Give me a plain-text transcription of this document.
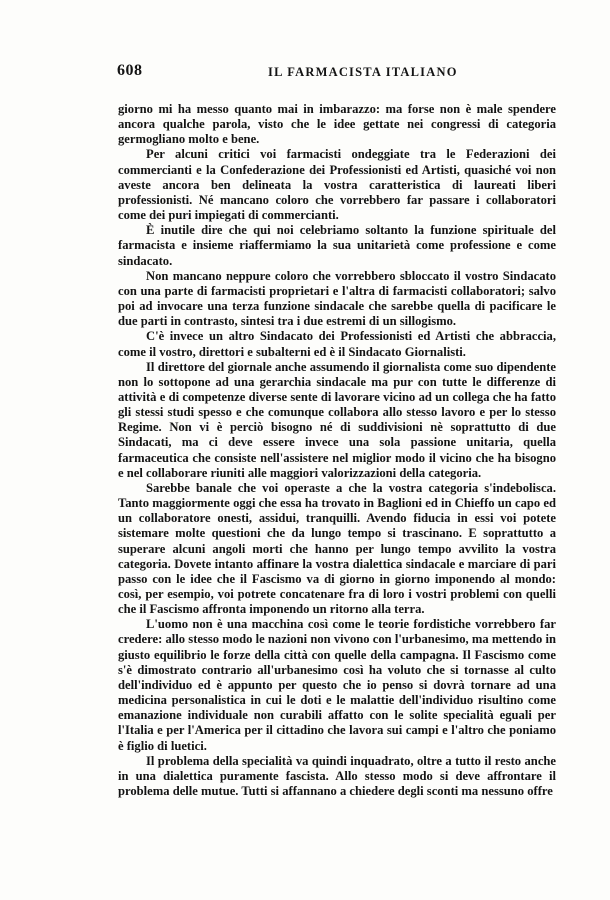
608	IL FARMACISTA ITALIANO

giorno mi ha messo quanto mai in imbarazzo: ma forse non è male spendere ancora qualche parola, visto che le idee gettate nei congressi di categoria germogliano molto e bene.

Per alcuni critici voi farmacisti ondeggiate tra le Federazioni dei commercianti e la Confederazione dei Professionisti ed Artisti, quasiché voi non aveste ancora ben delineata la vostra caratteristica di laureati liberi professionisti. Né mancano coloro che vorrebbero far passare i collaboratori come dei puri impiegati di commercianti.

È inutile dire che qui noi celebriamo soltanto la funzione spirituale del farmacista e insieme riaffermiamo la sua unitarietà come professione e come sindacato.

Non mancano neppure coloro che vorrebbero sbloccato il vostro Sindacato con una parte di farmacisti proprietari e l'altra di farmacisti collaboratori; salvo poi ad invocare una terza funzione sindacale che sarebbe quella di pacificare le due parti in contrasto, sintesi tra i due estremi di un sillogismo.

C'è invece un altro Sindacato dei Professionisti ed Artisti che abbraccia, come il vostro, direttori e subalterni ed è il Sindacato Giornalisti.

Il direttore del giornale anche assumendo il giornalista come suo dipendente non lo sottopone ad una gerarchia sindacale ma pur con tutte le differenze di attività e di competenze diverse sente di lavorare vicino ad un collega che ha fatto gli stessi studi spesso e che comunque collabora allo stesso lavoro e per lo stesso Regime. Non vi è perciò bisogno né di suddivisioni nè soprattutto di due Sindacati, ma ci deve essere invece una sola passione unitaria, quella farmaceutica che consiste nell'assistere nel miglior modo il vicino che ha bisogno e nel collaborare riuniti alle maggiori valorizzazioni della categoria.

Sarebbe banale che voi operaste a che la vostra categoria s'indebolisca. Tanto maggiormente oggi che essa ha trovato in Baglioni ed in Chieffo un capo ed un collaboratore onesti, assidui, tranquilli. Avendo fiducia in essi voi potete sistemare molte questioni che da lungo tempo si trascinano. E soprattutto a superare alcuni angoli morti che hanno per lungo tempo avvilito la vostra categoria. Dovete intanto affinare la vostra dialettica sindacale e marciare di pari passo con le idee che il Fascismo va di giorno in giorno imponendo al mondo: così, per esempio, voi potrete concatenare fra di loro i vostri problemi con quelli che il Fascismo affronta imponendo un ritorno alla terra.

L'uomo non è una macchina così come le teorie fordistiche vorrebbero far credere: allo stesso modo le nazioni non vivono con l'urbanesimo, ma mettendo in giusto equilibrio le forze della città con quelle della campagna. Il Fascismo come s'è dimostrato contrario all'urbanesimo così ha voluto che si tornasse al culto dell'individuo ed è appunto per questo che io penso si dovrà tornare ad una medicina personalistica in cui le doti e le malattie dell'individuo risultino come emanazione individuale non curabili affatto con le solite specialità eguali per l'Italia e per l'America per il cittadino che lavora sui campi e l'altro che poniamo è figlio di luetici.

Il problema della specialità va quindi inquadrato, oltre a tutto il resto anche in una dialettica puramente fascista. Allo stesso modo si deve affrontare il problema delle mutue. Tutti si affannano a chiedere degli sconti ma nessuno offre
